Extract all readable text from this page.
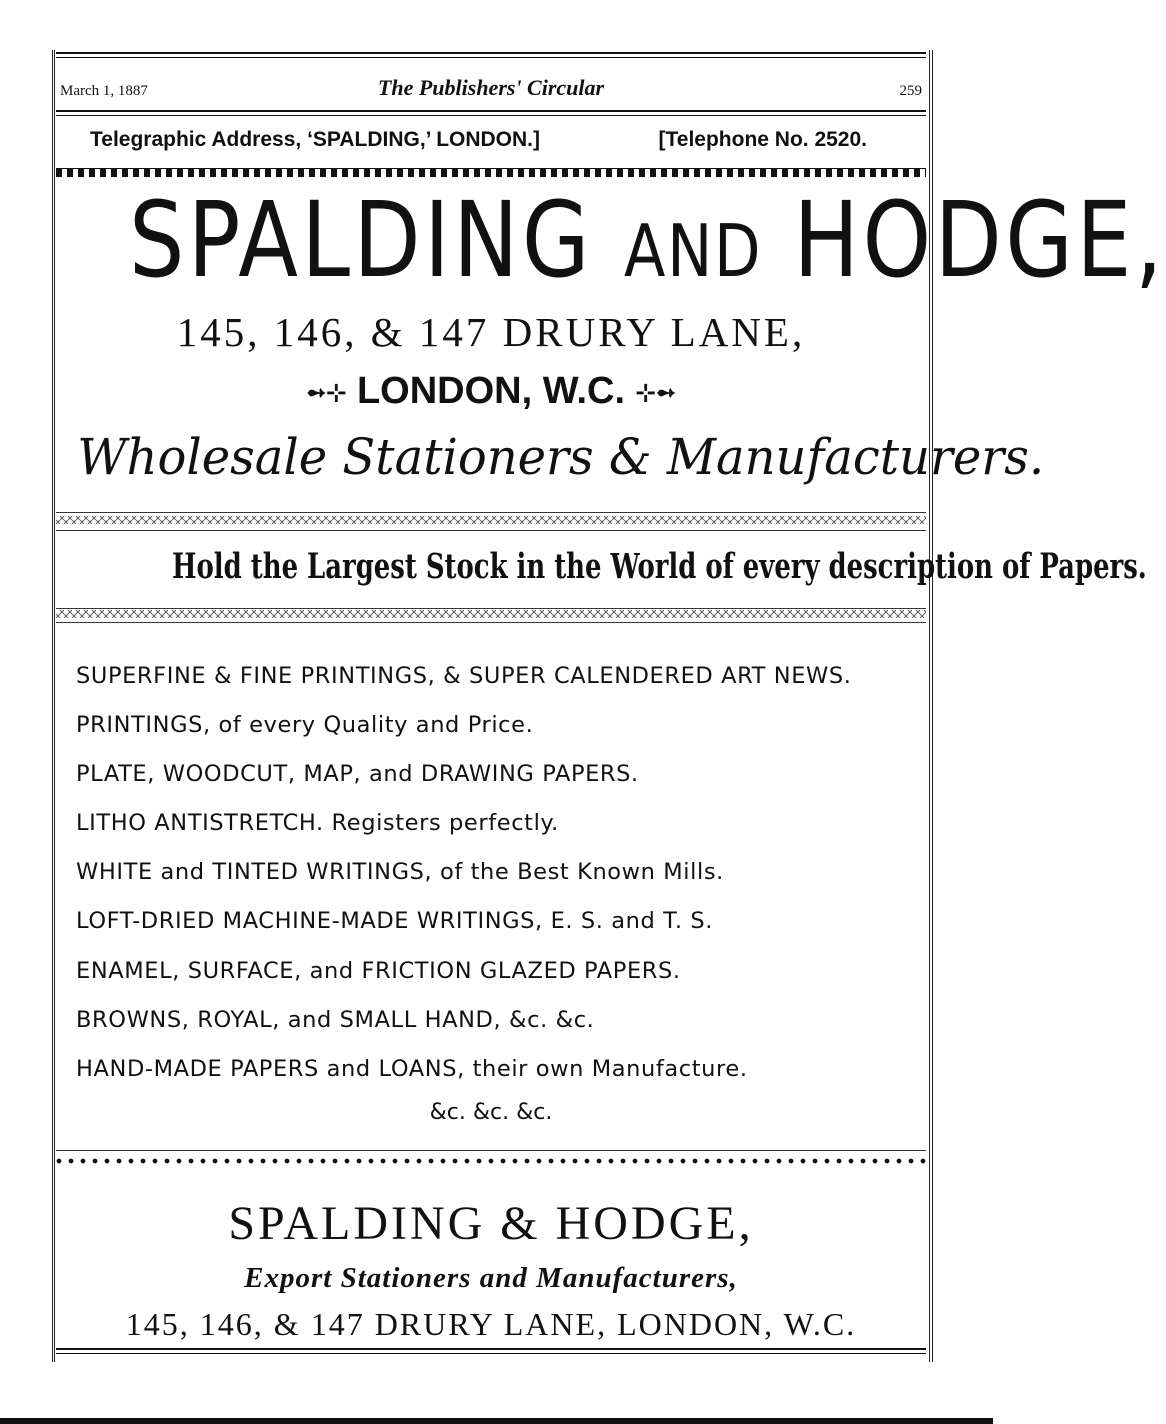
March 1, 1887	The Publishers' Circular	259
Telegraphic Address, ‘SPALDING,’ LONDON.]	[Telephone No. 2520.
SPALDING AND HODGE,
145, 146, & 147 DRURY LANE,
➻⊹ LONDON, W.C. ⊹➻
Wholesale Stationers & Manufacturers.
Hold the Largest Stock in the World of every description of Papers.
SUPERFINE & FINE PRINTINGS, & SUPER CALENDERED ART NEWS.
PRINTINGS, of every Quality and Price.
PLATE, WOODCUT, MAP, and DRAWING PAPERS.
LITHO ANTISTRETCH. Registers perfectly.
WHITE and TINTED WRITINGS, of the Best Known Mills.
LOFT-DRIED MACHINE-MADE WRITINGS, E. S. and T. S.
ENAMEL, SURFACE, and FRICTION GLAZED PAPERS.
BROWNS, ROYAL, and SMALL HAND, &c. &c.
HAND-MADE PAPERS and LOANS, their own Manufacture.
&c. &c. &c.
SPALDING & HODGE,
Export Stationers and Manufacturers,
145, 146, & 147 DRURY LANE, LONDON, W.C.
